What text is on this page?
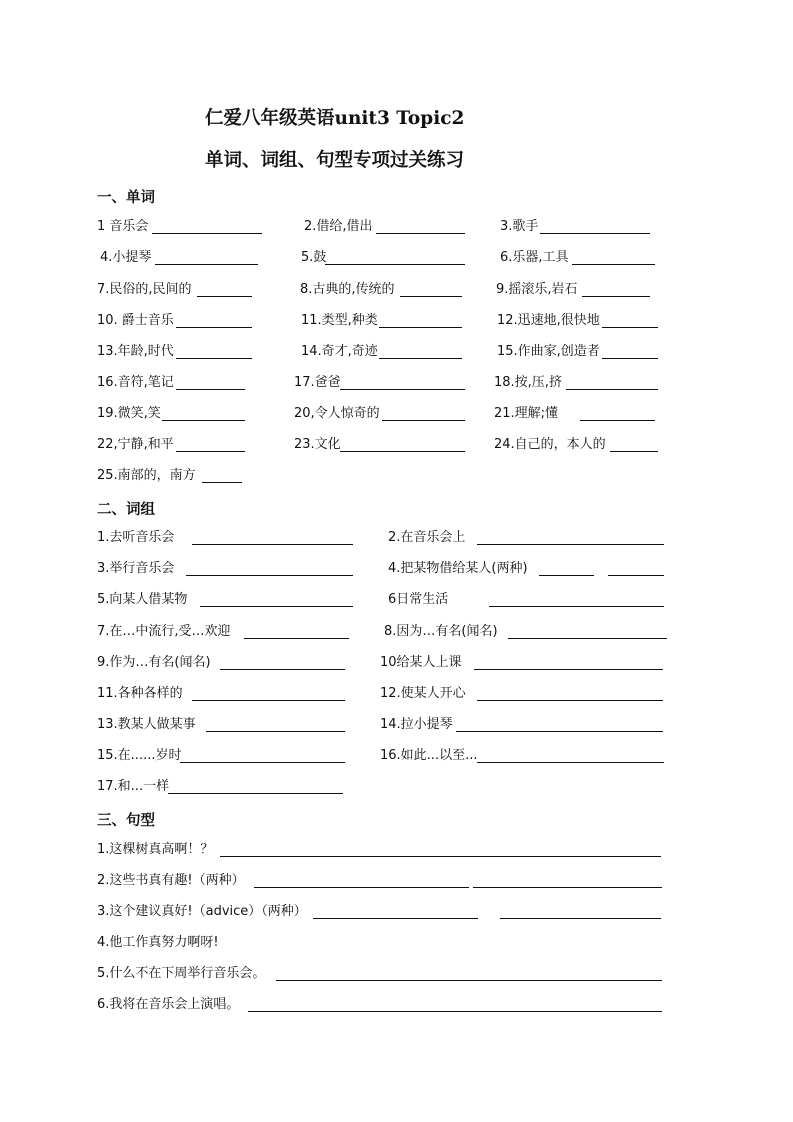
仁爱八年级英语unit3 Topic2
单词、词组、句型专项过关练习
一、单词
1 音乐会	2.借给,借出	3.歌手
4.小提琴	5.鼓	6.乐器,工具
7.民俗的,民间的	8.古典的,传统的	9.摇滚乐,岩石
10. 爵士音乐	11.类型,种类	12.迅速地,很快地
13.年龄,时代	14.奇才,奇迹	15.作曲家,创造者
16.音符,笔记	17.爸爸	18.按,压,挤
19.微笑,笑	20,令人惊奇的	21.理解;懂
22,宁静,和平	23.文化	24.自己的，本人的
25.南部的，南方
二、词组
1.去听音乐会	2.在音乐会上
3.举行音乐会	4.把某物借给某人(两种)
5.向某人借某物	6日常生活
7.在…中流行,受…欢迎	8.因为…有名(闻名)
9.作为…有名(闻名)	10给某人上课
11.各种各样的	12.使某人开心
13.教某人做某事	14.拉小提琴
15.在......岁时	16.如此...以至...
17.和...一样
三、句型
1.这棵树真高啊！？
2.这些书真有趣!（两种）
3.这个建议真好!（advice）（两种）
4.他工作真努力啊呀!
5.什么不在下周举行音乐会。
6.我将在音乐会上演唱。
